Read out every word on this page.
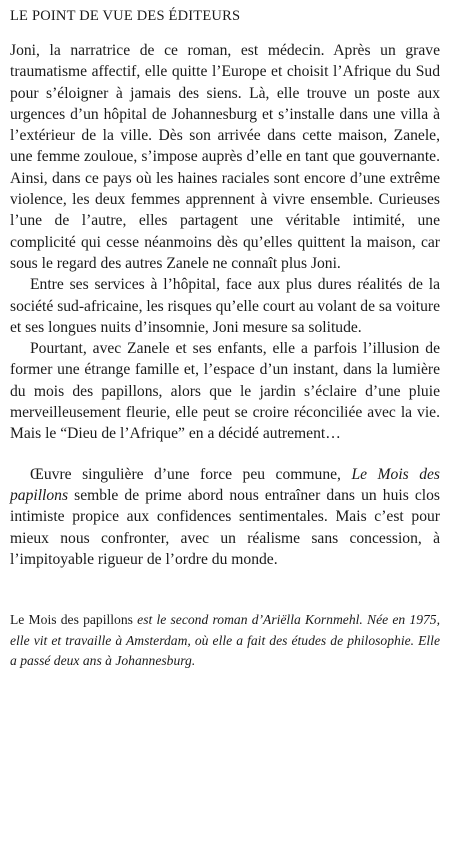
LE POINT DE VUE DES ÉDITEURS

Joni, la narratrice de ce roman, est médecin. Après un grave traumatisme affectif, elle quitte l’Europe et choisit l’Afrique du Sud pour s’éloigner à jamais des siens. Là, elle trouve un poste aux urgences d’un hôpital de Johannesburg et s’installe dans une villa à l’extérieur de la ville. Dès son arrivée dans cette maison, Zanele, une femme zouloue, s’impose auprès d’elle en tant que gouvernante. Ainsi, dans ce pays où les haines raciales sont encore d’une extrême violence, les deux femmes apprennent à vivre ensemble. Curieuses l’une de l’autre, elles partagent une véritable intimité, une complicité qui cesse néanmoins dès qu’elles quittent la maison, car sous le regard des autres Zanele ne connaît plus Joni.

Entre ses services à l’hôpital, face aux plus dures réalités de la société sud-africaine, les risques qu’elle court au volant de sa voiture et ses longues nuits d’insomnie, Joni mesure sa solitude.

Pourtant, avec Zanele et ses enfants, elle a parfois l’illusion de former une étrange famille et, l’espace d’un instant, dans la lumière du mois des papillons, alors que le jardin s’éclaire d’une pluie merveilleusement fleurie, elle peut se croire réconciliée avec la vie. Mais le “Dieu de l’Afrique” en a décidé autrement…

Œuvre singulière d’une force peu commune, Le Mois des papillons semble de prime abord nous entraîner dans un huis clos intimiste propice aux confidences sentimentales. Mais c’est pour mieux nous confronter, avec un réalisme sans concession, à l’impitoyable rigueur de l’ordre du monde.

Le Mois des papillons est le second roman d’Ariëlla Kornmehl. Née en 1975, elle vit et travaille à Amsterdam, où elle a fait des études de philosophie. Elle a passé deux ans à Johannesburg.
